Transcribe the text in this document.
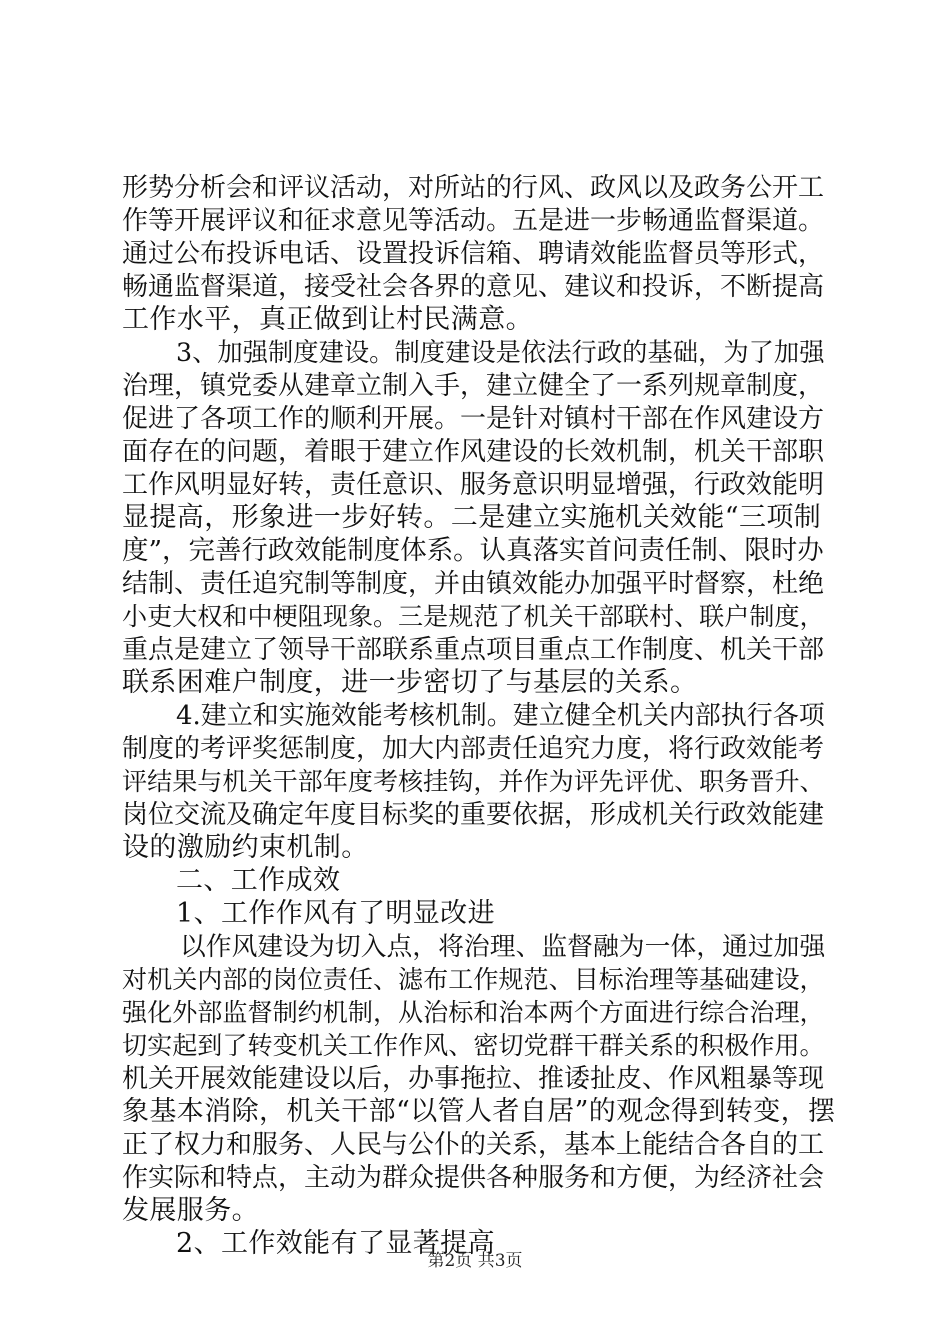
形势分析会和评议活动，对所站的行风、政风以及政务公开工
作等开展评议和征求意见等活动。五是进一步畅通监督渠道。
通过公布投诉电话、设置投诉信箱、聘请效能监督员等形式，
畅通监督渠道，接受社会各界的意见、建议和投诉，不断提高
工作水平，真正做到让村民满意。
3、加强制度建设。制度建设是依法行政的基础，为了加强
治理，镇党委从建章立制入手，建立健全了一系列规章制度，
促进了各项工作的顺利开展。一是针对镇村干部在作风建设方
面存在的问题，着眼于建立作风建设的长效机制，机关干部职
工作风明显好转，责任意识、服务意识明显增强，行政效能明
显提高，形象进一步好转。二是建立实施机关效能“三项制
度”，完善行政效能制度体系。认真落实首问责任制、限时办
结制、责任追究制等制度，并由镇效能办加强平时督察，杜绝
小吏大权和中梗阻现象。三是规范了机关干部联村、联户制度，
重点是建立了领导干部联系重点项目重点工作制度、机关干部
联系困难户制度，进一步密切了与基层的关系。
4.建立和实施效能考核机制。建立健全机关内部执行各项
制度的考评奖惩制度，加大内部责任追究力度，将行政效能考
评结果与机关干部年度考核挂钩，并作为评先评优、职务晋升、
岗位交流及确定年度目标奖的重要依据，形成机关行政效能建
设的激励约束机制。
二、工作成效
1、工作作风有了明显改进
以作风建设为切入点，将治理、监督融为一体，通过加强
对机关内部的岗位责任、滤布工作规范、目标治理等基础建设，
强化外部监督制约机制，从治标和治本两个方面进行综合治理，
切实起到了转变机关工作作风、密切党群干群关系的积极作用。
机关开展效能建设以后，办事拖拉、推诿扯皮、作风粗暴等现
象基本消除，机关干部“以管人者自居”的观念得到转变，摆
正了权力和服务、人民与公仆的关系，基本上能结合各自的工
作实际和特点，主动为群众提供各种服务和方便，为经济社会
发展服务。
2、工作效能有了显著提高
第2页 共3页
